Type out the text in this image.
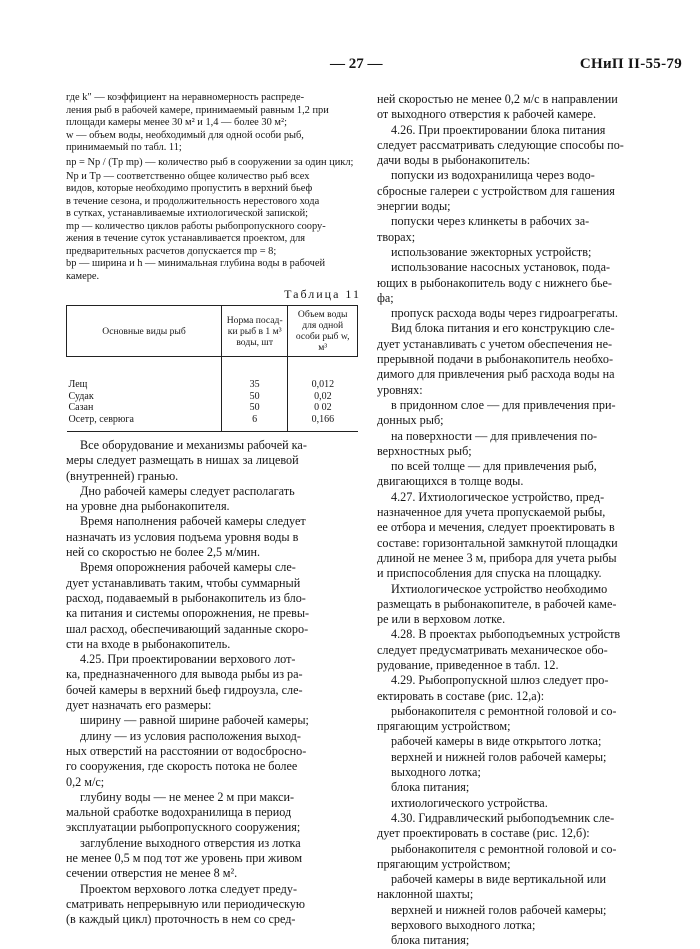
— 27 —	СНиП II-55-79
где k″ — коэффициент на неравномерность распреде-
ления рыб в рабочей камере, принимаемый равным 1,2 при
площади камеры менее 30 м² и 1,4 — более 30 м²;
w — объем воды, необходимый для одной особи рыб,
принимаемый по табл. 11;
nр = Nр / (Tр mр) — количество рыб в сооружении за один цикл;
Nр и Tр — соответственно общее количество рыб всех
видов, которые необходимо пропустить в верхний бьеф
в течение сезона, и продолжительность нерестового хода
в сутках, устанавливаемые ихтиологической запиской;
mр — количество циклов работы рыбопропускного соору-
жения в течение суток устанавливается проектом, для
предварительных расчетов допускается mр = 8;
bр — ширина и h — минимальная глубина воды в рабочей
камере.
Таблица 11
Основные виды рыб	Норма посад-ки рыб в 1 м³ воды, шт	Объем воды для одной особи рыб w, м³
Лещ	35	0,012
Судак	50	0,02
Сазан	50	0 02
Осетр, севрюга	6	0,166
Все оборудование и механизмы рабочей ка-
меры следует размещать в нишах за лицевой
(внутренней) гранью.
Дно рабочей камеры следует располагать
на уровне дна рыбонакопителя.
Время наполнения рабочей камеры следует
назначать из условия подъема уровня воды в
ней со скоростью не более 2,5 м/мин.
Время опорожнения рабочей камеры сле-
дует устанавливать таким, чтобы суммарный
расход, подаваемый в рыбонакопитель из бло-
ка питания и системы опорожнения, не превы-
шал расход, обеспечивающий заданные скоро-
сти на входе в рыбонакопитель.
4.25. При проектировании верхового лот-
ка, предназначенного для вывода рыбы из ра-
бочей камеры в верхний бьеф гидроузла, сле-
дует назначать его размеры:
ширину — равной ширине рабочей камеры;
длину — из условия расположения выход-
ных отверстий на расстоянии от водосбросно-
го сооружения, где скорость потока не более
0,2 м/с;
глубину воды — не менее 2 м при макси-
мальной сработке водохранилища в период
эксплуатации рыбопропускного сооружения;
заглубление выходного отверстия из лотка
не менее 0,5 м под тот же уровень при живом
сечении отверстия не менее 8 м².
Проектом верхового лотка следует преду-
сматривать непрерывную или периодическую
(в каждый цикл) проточность в нем со сред-
ней скоростью не менее 0,2 м/с в направлении
от выходного отверстия к рабочей камере.
4.26. При проектировании блока питания
следует рассматривать следующие способы по-
дачи воды в рыбонакопитель:
попуски из водохранилища через водо-
сбросные галереи с устройством для гашения
энергии воды;
попуски через клинкеты в рабочих за-
творах;
использование эжекторных устройств;
использование насосных установок, пода-
ющих в рыбонакопитель воду с нижнего бье-
фа;
пропуск расхода воды через гидроагрегаты.
Вид блока питания и его конструкцию сле-
дует устанавливать с учетом обеспечения не-
прерывной подачи в рыбонакопитель необхо-
димого для привлечения рыб расхода воды на
уровнях:
в придонном слое — для привлечения при-
донных рыб;
на поверхности — для привлечения по-
верхностных рыб;
по всей толще — для привлечения рыб,
двигающихся в толще воды.
4.27. Ихтиологическое устройство, пред-
назначенное для учета пропускаемой рыбы,
ее отбора и мечения, следует проектировать в
составе: горизонтальной замкнутой площадки
длиной не менее 3 м, прибора для учета рыбы
и приспособления для спуска на площадку.
Ихтиологическое устройство необходимо
размещать в рыбонакопителе, в рабочей каме-
ре или в верховом лотке.
4.28. В проектах рыбоподъемных устройств
следует предусматривать механическое обо-
рудование, приведенное в табл. 12.
4.29. Рыбопропускной шлюз следует про-
ектировать в составе (рис. 12,а):
рыбонакопителя с ремонтной головой и со-
прягающим устройством;
рабочей камеры в виде открытого лотка;
верхней и нижней голов рабочей камеры;
выходного лотка;
блока питания;
ихтиологического устройства.
4.30. Гидравлический рыбоподъемник сле-
дует проектировать в составе (рис. 12,б):
рыбонакопителя с ремонтной головой и со-
прягающим устройством;
рабочей камеры в виде вертикальной или
наклонной шахты;
верхней и нижней голов рабочей камеры;
верхового выходного лотка;
блока питания;
